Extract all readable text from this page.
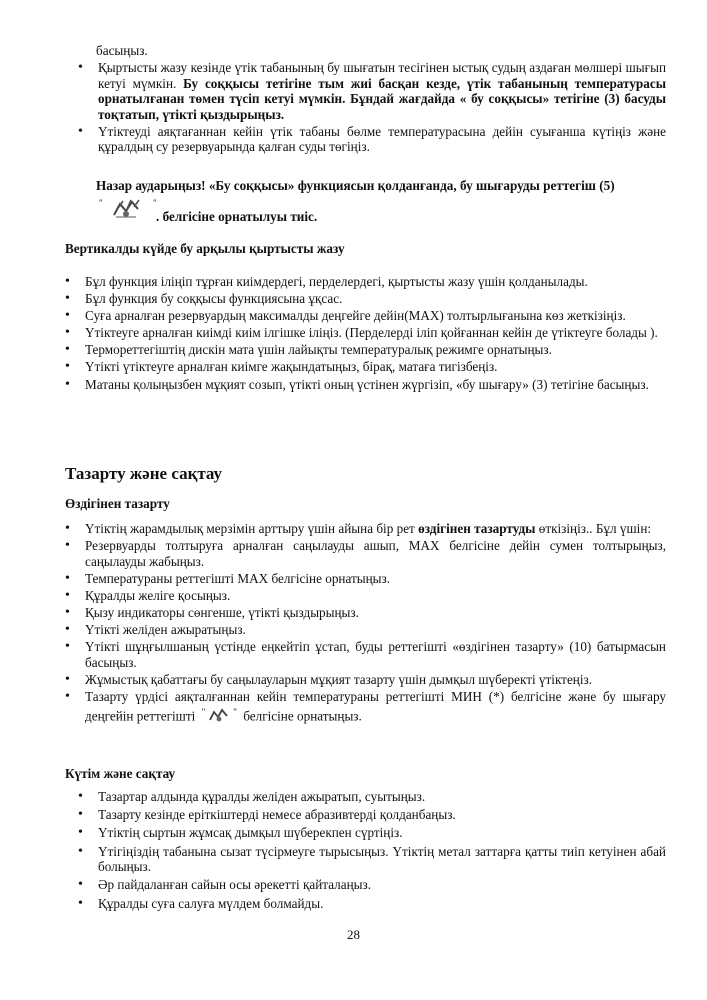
басыңыз.

• Қыртысты жазу кезінде үтік табанының бу шығатын тесігінен ыстық судың аздаған мөлшері шығып кетуі мүмкін. Бу соққысы тетігіне тым жиі басқан кезде, үтік табанының температурасы орнатылғанан төмен түсіп кетуі мүмкін. Бұндай жағдайда « бу соққысы» тетігіне (3) басуды тоқтатып, үтікті қыздырыңыз.
• Үтіктеуді аяқтағаннан кейін үтік табаны бөлме температурасына дейін суығанша күтіңіз және құралдың су резервуарында қалған суды төгіңіз.

Назар аударыңыз! «Бу соққысы» функциясын қолданғанда, бу шығаруды реттегіш (5)

"	"
. белгісіне орнатылуы тиіс.

Вертикалды күйде бу арқылы қыртысты жазу

• Бұл функция іліңіп тұрған киімдердегі, перделердегі, қыртысты жазу үшін қолданылады.
• Бұл функция бу соққысы функциясына ұқсас.
• Суға арналған резервуардың максималды деңгейге дейін(MAX) толтырлығанына көз жеткізіңіз.
• Үтіктеуге арналған киімді киім ілгішке іліңіз. (Перделерді іліп қойғаннан кейін де үтіктеуге болады ).
• Термореттегіштің дискін мата үшін лайықты температуралық режимге орнатыңыз.
• Үтікті үтіктеуге арналған киімге жақындатыңыз, бірақ, матаға тигізбеңіз.
• Матаны қолыңызбен мұқият созып, үтікті оның үстінен жүргізіп, «бу шығару» (3) тетігіне басыңыз.

Тазарту және сақтау

Өздігінен тазарту

• Үтіктің жарамдылық мерзімін арттыру үшін айына бір рет өздігінен тазартуды өткізіңіз.. Бұл үшін:
• Резервуарды толтыруға арналған саңылауды ашып, MAX белгісіне дейін сумен толтырыңыз, саңылауды жабыңыз.
• Температураны реттегішті MAX белгісіне орнатыңыз.
• Құралды желіге қосыңыз.
• Қызу индикаторы сөнгенше, үтікті қыздырыңыз.
• Үтікті желіден ажыратыңыз.
• Үтікті шұңғылшаның үстінде еңкейтіп ұстап, буды реттегішті «өздігінен тазарту» (10) батырмасын басыңыз.
• Жұмыстық қабаттағы бу саңылауларын мұқият тазарту үшін дымқыл шүберекті үтіктеңіз.
• Тазарту үрдісі аяқталғаннан кейін температураны реттегішті МИН (*) белгісіне және бу шығару деңгейін реттегішті "	" белгісіне орнатыңыз.

Күтім және сақтау

• Тазартар алдында құралды желіден ажыратып, суытыңыз.
• Тазарту кезінде еріткіштерді немесе абразивтерді қолданбаңыз.
• Үтіктің сыртын жұмсақ дымқыл шүберекпен сүртіңіз.
• Үтігіңіздің табанына сызат түсірмеуге тырысыңыз. Үтіктің метал заттарға қатты тиіп кетуінен абай болыңыз.
• Әр пайдаланған сайын осы әрекетті қайталаңыз.
• Құралды суға салуға мүлдем болмайды.
28
